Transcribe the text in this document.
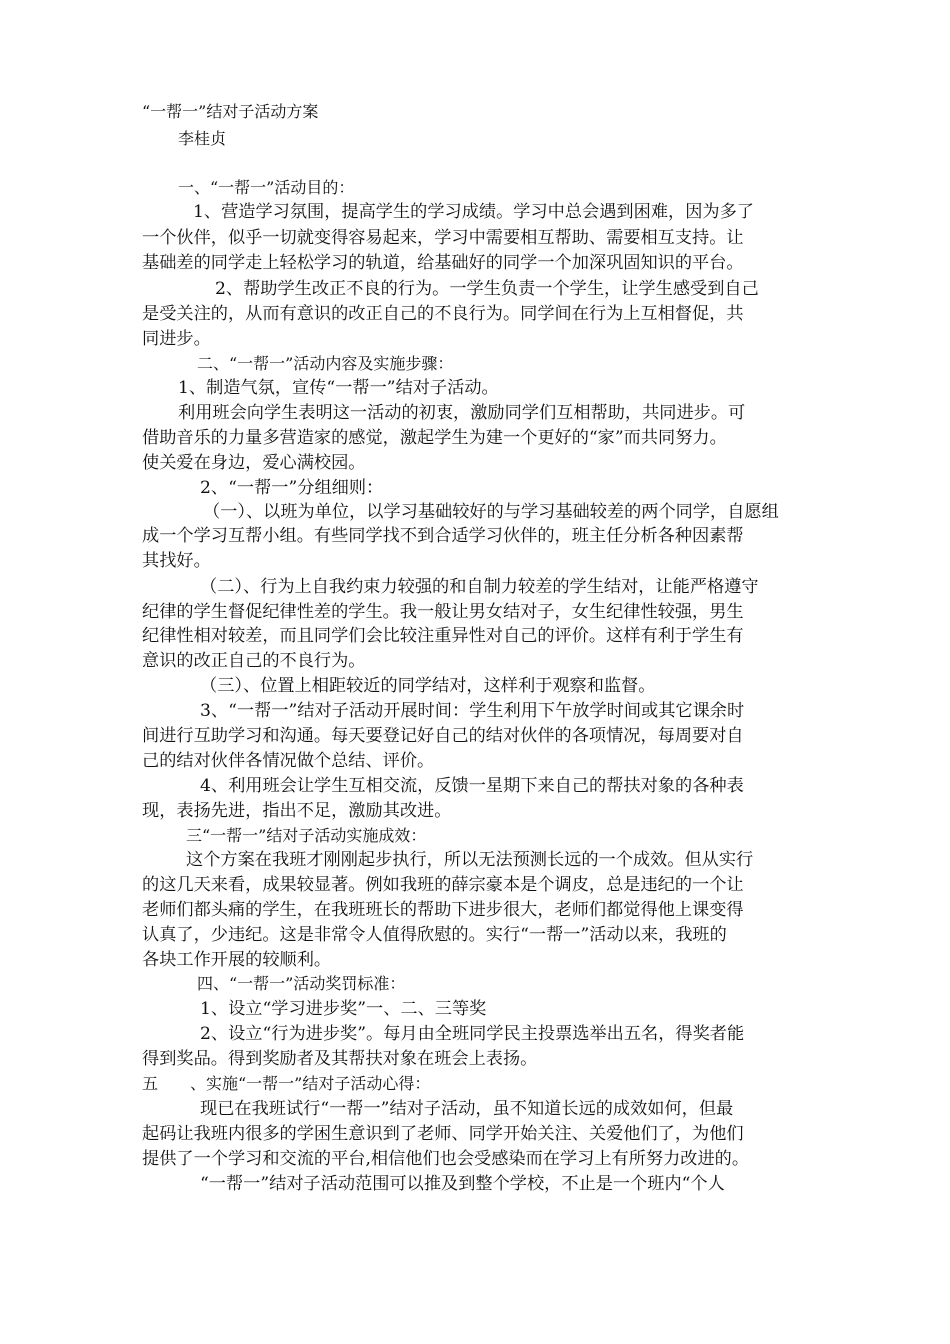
“一帮一”结对子活动方案
李桂贞
一、“一帮一”活动目的：
1、营造学习氛围，提高学生的学习成绩。学习中总会遇到困难，因为多了
一个伙伴，似乎一切就变得容易起来，学习中需要相互帮助、需要相互支持。让
基础差的同学走上轻松学习的轨道，给基础好的同学一个加深巩固知识的平台。
2、帮助学生改正不良的行为。一学生负责一个学生，让学生感受到自己
是受关注的，从而有意识的改正自己的不良行为。同学间在行为上互相督促，共
同进步。
二、“一帮一”活动内容及实施步骤：
1、制造气氛，宣传“一帮一”结对子活动。
利用班会向学生表明这一活动的初衷，激励同学们互相帮助，共同进步。可
借助音乐的力量多营造家的感觉，激起学生为建一个更好的“家”而共同努力。
使关爱在身边，爱心满校园。
2、“一帮一”分组细则：
（一）、以班为单位，以学习基础较好的与学习基础较差的两个同学，自愿组
成一个学习互帮小组。有些同学找不到合适学习伙伴的，班主任分析各种因素帮
其找好。
（二）、行为上自我约束力较强的和自制力较差的学生结对，让能严格遵守
纪律的学生督促纪律性差的学生。我一般让男女结对子，女生纪律性较强，男生
纪律性相对较差，而且同学们会比较注重异性对自己的评价。这样有利于学生有
意识的改正自己的不良行为。
（三）、位置上相距较近的同学结对，这样利于观察和监督。
3、“一帮一”结对子活动开展时间：学生利用下午放学时间或其它课余时
间进行互助学习和沟通。每天要登记好自己的结对伙伴的各项情况，每周要对自
己的结对伙伴各情况做个总结、评价。
4、利用班会让学生互相交流，反馈一星期下来自己的帮扶对象的各种表
现，表扬先进，指出不足，激励其改进。
三“一帮一”结对子活动实施成效：
这个方案在我班才刚刚起步执行，所以无法预测长远的一个成效。但从实行
的这几天来看，成果较显著。例如我班的薛宗豪本是个调皮，总是违纪的一个让
老师们都头痛的学生，在我班班长的帮助下进步很大，老师们都觉得他上课变得
认真了，少违纪。这是非常令人值得欣慰的。实行“一帮一”活动以来，我班的
各块工作开展的较顺利。
四、“一帮一”活动奖罚标准：
1、设立“学习进步奖”一、二、三等奖
2、设立“行为进步奖”。每月由全班同学民主投票选举出五名，得奖者能
得到奖品。得到奖励者及其帮扶对象在班会上表扬。
五　　、实施“一帮一”结对子活动心得：
现已在我班试行“一帮一”结对子活动，虽不知道长远的成效如何，但最
起码让我班内很多的学困生意识到了老师、同学开始关注、关爱他们了，为他们
提供了一个学习和交流的平台,相信他们也会受感染而在学习上有所努力改进的。
“一帮一”结对子活动范围可以推及到整个学校，不止是一个班内“个人
